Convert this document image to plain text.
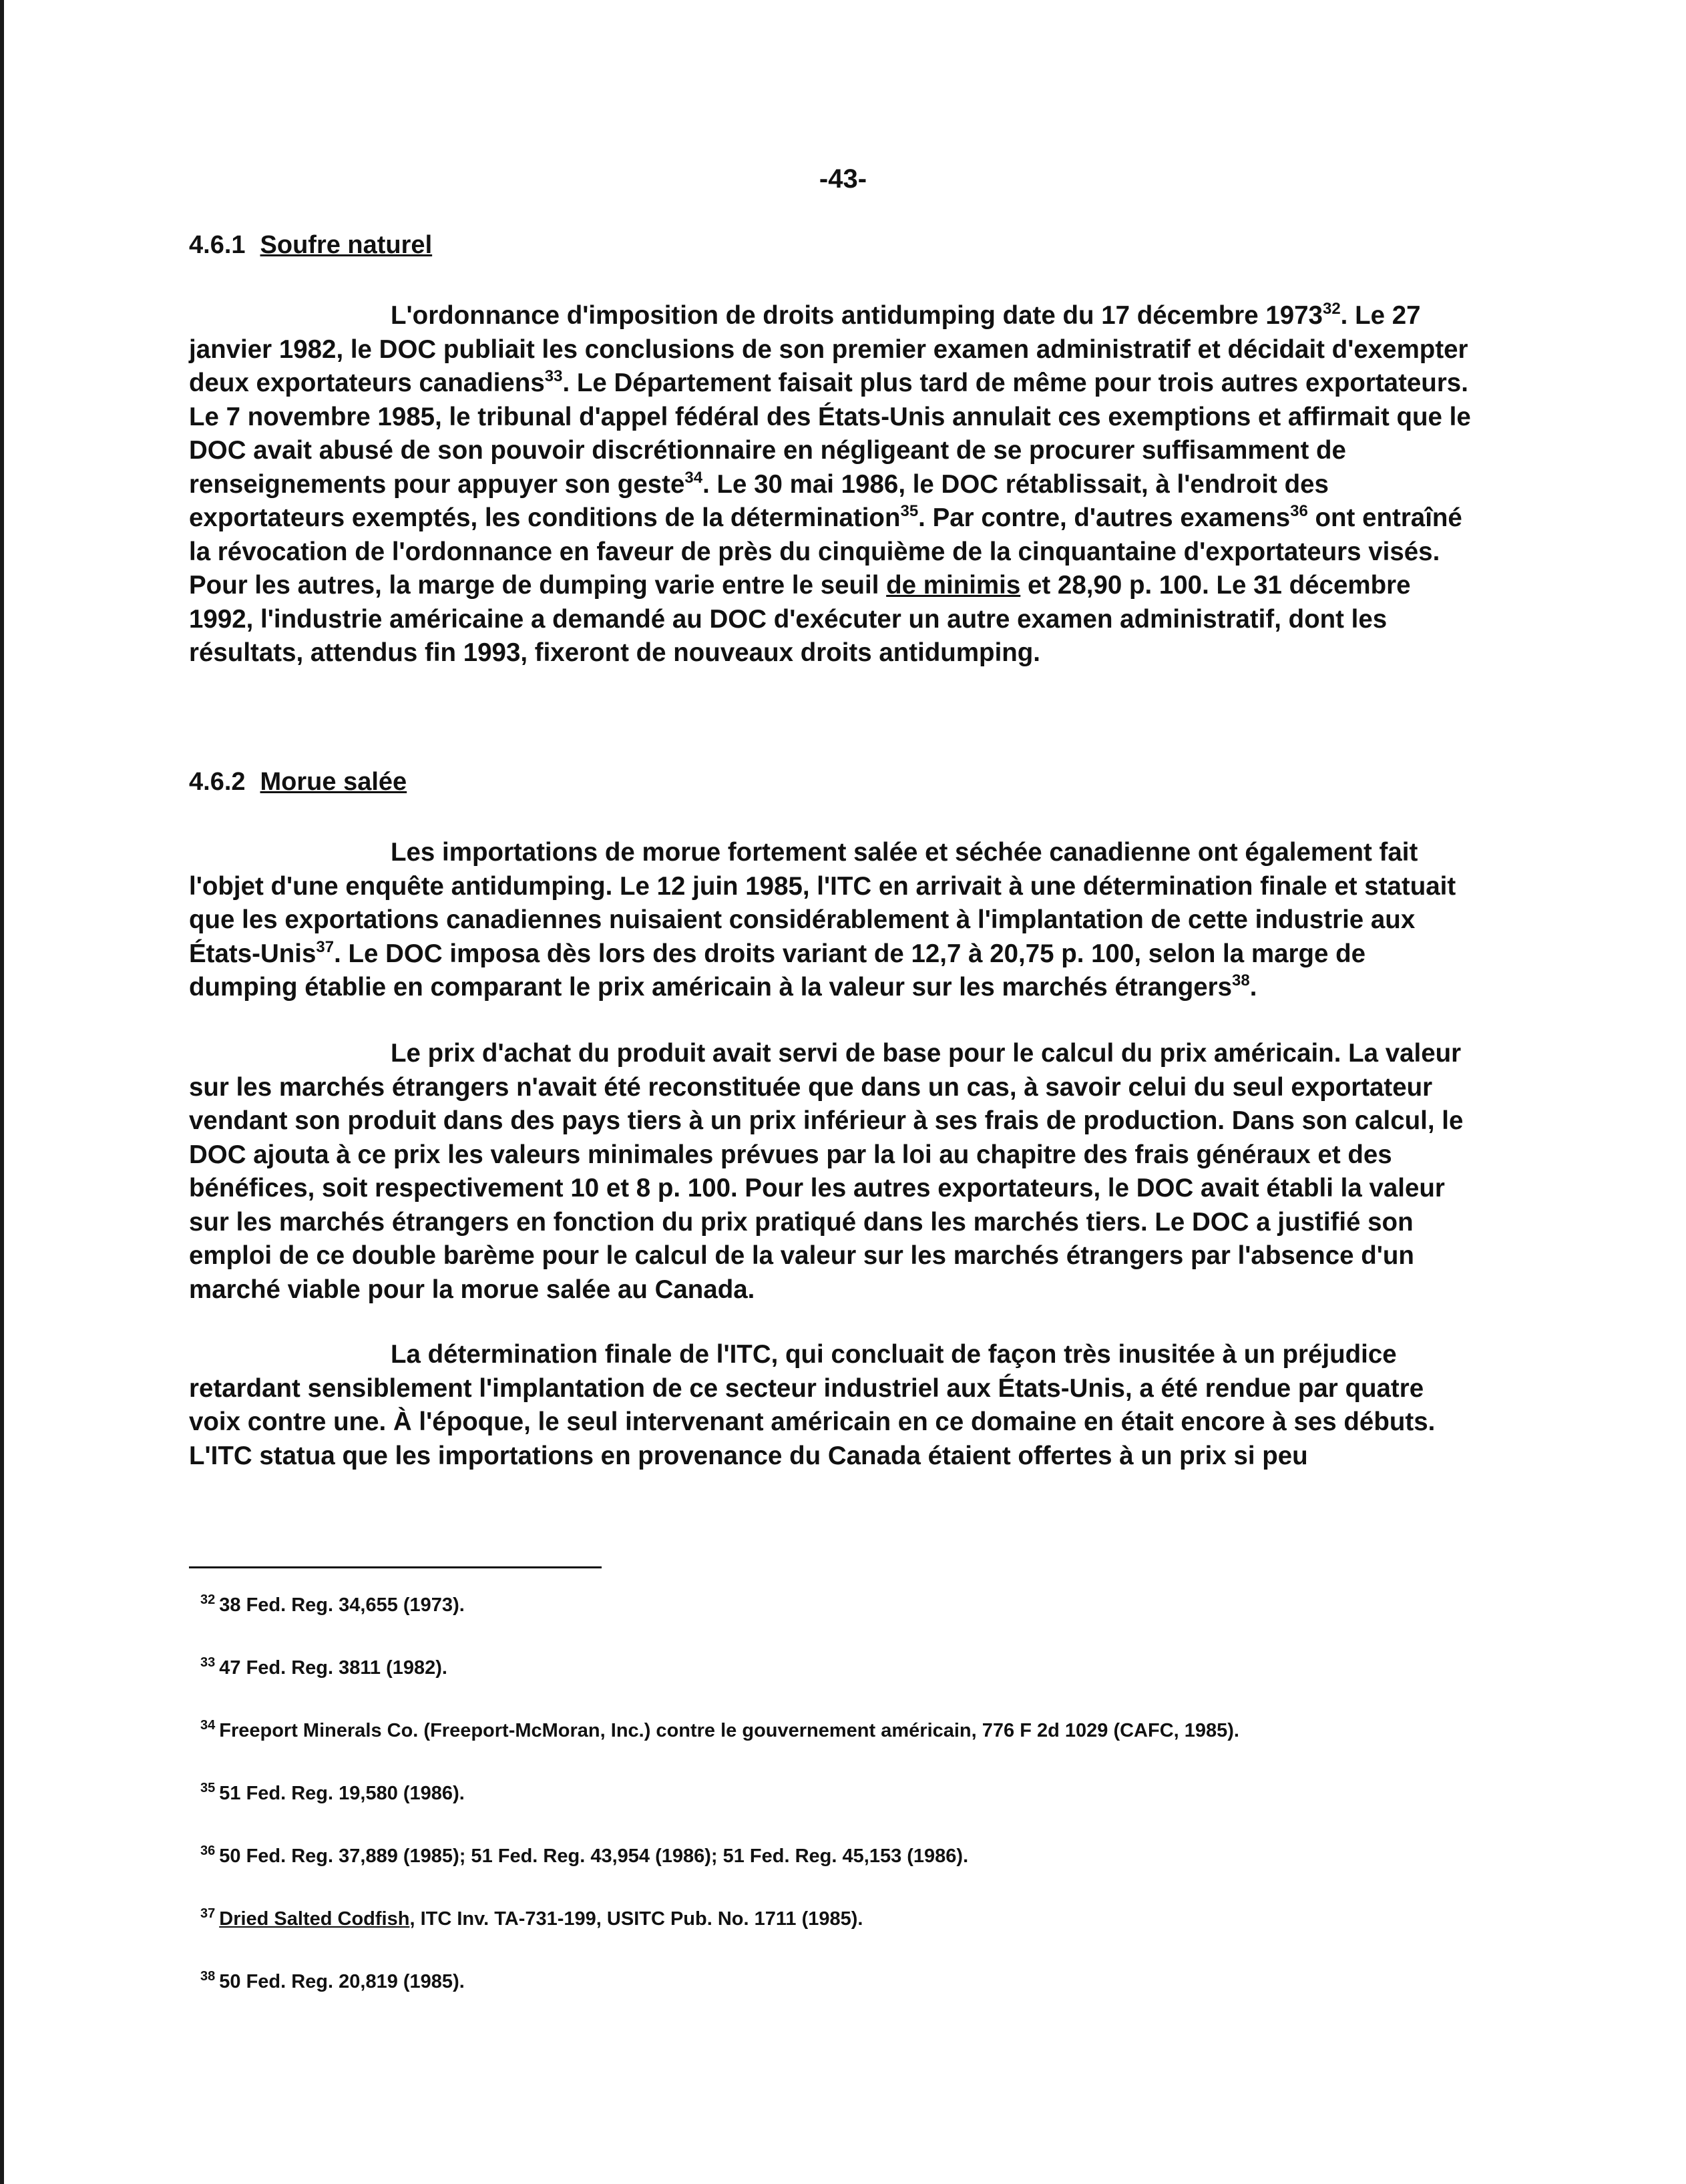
-43-
4.6.1 Soufre naturel

L'ordonnance d'imposition de droits antidumping date du 17 décembre 1973$^{32}$. Le 27 janvier 1982, le DOC publiait les conclusions de son premier examen administratif et décidait d'exempter deux exportateurs canadiens$^{33}$. Le Département faisait plus tard de même pour trois autres exportateurs. Le 7 novembre 1985, le tribunal d'appel fédéral des États-Unis annulait ces exemptions et affirmait que le DOC avait abusé de son pouvoir discrétionnaire en négligeant de se procurer suffisamment de renseignements pour appuyer son geste$^{34}$. Le 30 mai 1986, le DOC rétablissait, à l'endroit des exportateurs exemptés, les conditions de la détermination$^{35}$. Par contre, d'autres examens$^{36}$ ont entraîné la révocation de l'ordonnance en faveur de près du cinquième de la cinquantaine d'exportateurs visés. Pour les autres, la marge de dumping varie entre le seuil de minimis et 28,90 p. 100. Le 31 décembre 1992, l'industrie américaine a demandé au DOC d'exécuter un autre examen administratif, dont les résultats, attendus fin 1993, fixeront de nouveaux droits antidumping.

4.6.2 Morue salée

Les importations de morue fortement salée et séchée canadienne ont également fait l'objet d'une enquête antidumping. Le 12 juin 1985, l'ITC en arrivait à une détermination finale et statuait que les exportations canadiennes nuisaient considérablement à l'implantation de cette industrie aux États-Unis$^{37}$. Le DOC imposa dès lors des droits variant de 12,7 à 20,75 p. 100, selon la marge de dumping établie en comparant le prix américain à la valeur sur les marchés étrangers$^{38}$.

Le prix d'achat du produit avait servi de base pour le calcul du prix américain. La valeur sur les marchés étrangers n'avait été reconstituée que dans un cas, à savoir celui du seul exportateur vendant son produit dans des pays tiers à un prix inférieur à ses frais de production. Dans son calcul, le DOC ajouta à ce prix les valeurs minimales prévues par la loi au chapitre des frais généraux et des bénéfices, soit respectivement 10 et 8 p. 100. Pour les autres exportateurs, le DOC avait établi la valeur sur les marchés étrangers en fonction du prix pratiqué dans les marchés tiers. Le DOC a justifié son emploi de ce double barème pour le calcul de la valeur sur les marchés étrangers par l'absence d'un marché viable pour la morue salée au Canada.

La détermination finale de l'ITC, qui concluait de façon très inusitée à un préjudice retardant sensiblement l'implantation de ce secteur industriel aux États-Unis, a été rendue par quatre voix contre une. À l'époque, le seul intervenant américain en ce domaine en était encore à ses débuts. L'ITC statua que les importations en provenance du Canada étaient offertes à un prix si peu

$^{32}$ 38 Fed. Reg. 34,655 (1973).
$^{33}$ 47 Fed. Reg. 3811 (1982).
$^{34}$ Freeport Minerals Co. (Freeport-McMoran, Inc.) contre le gouvernement américain, 776 F 2d 1029 (CAFC, 1985).
$^{35}$ 51 Fed. Reg. 19,580 (1986).
$^{36}$ 50 Fed. Reg. 37,889 (1985); 51 Fed. Reg. 43,954 (1986); 51 Fed. Reg. 45,153 (1986).
$^{37}$ Dried Salted Codfish, ITC Inv. TA-731-199, USITC Pub. No. 1711 (1985).
$^{38}$ 50 Fed. Reg. 20,819 (1985).
